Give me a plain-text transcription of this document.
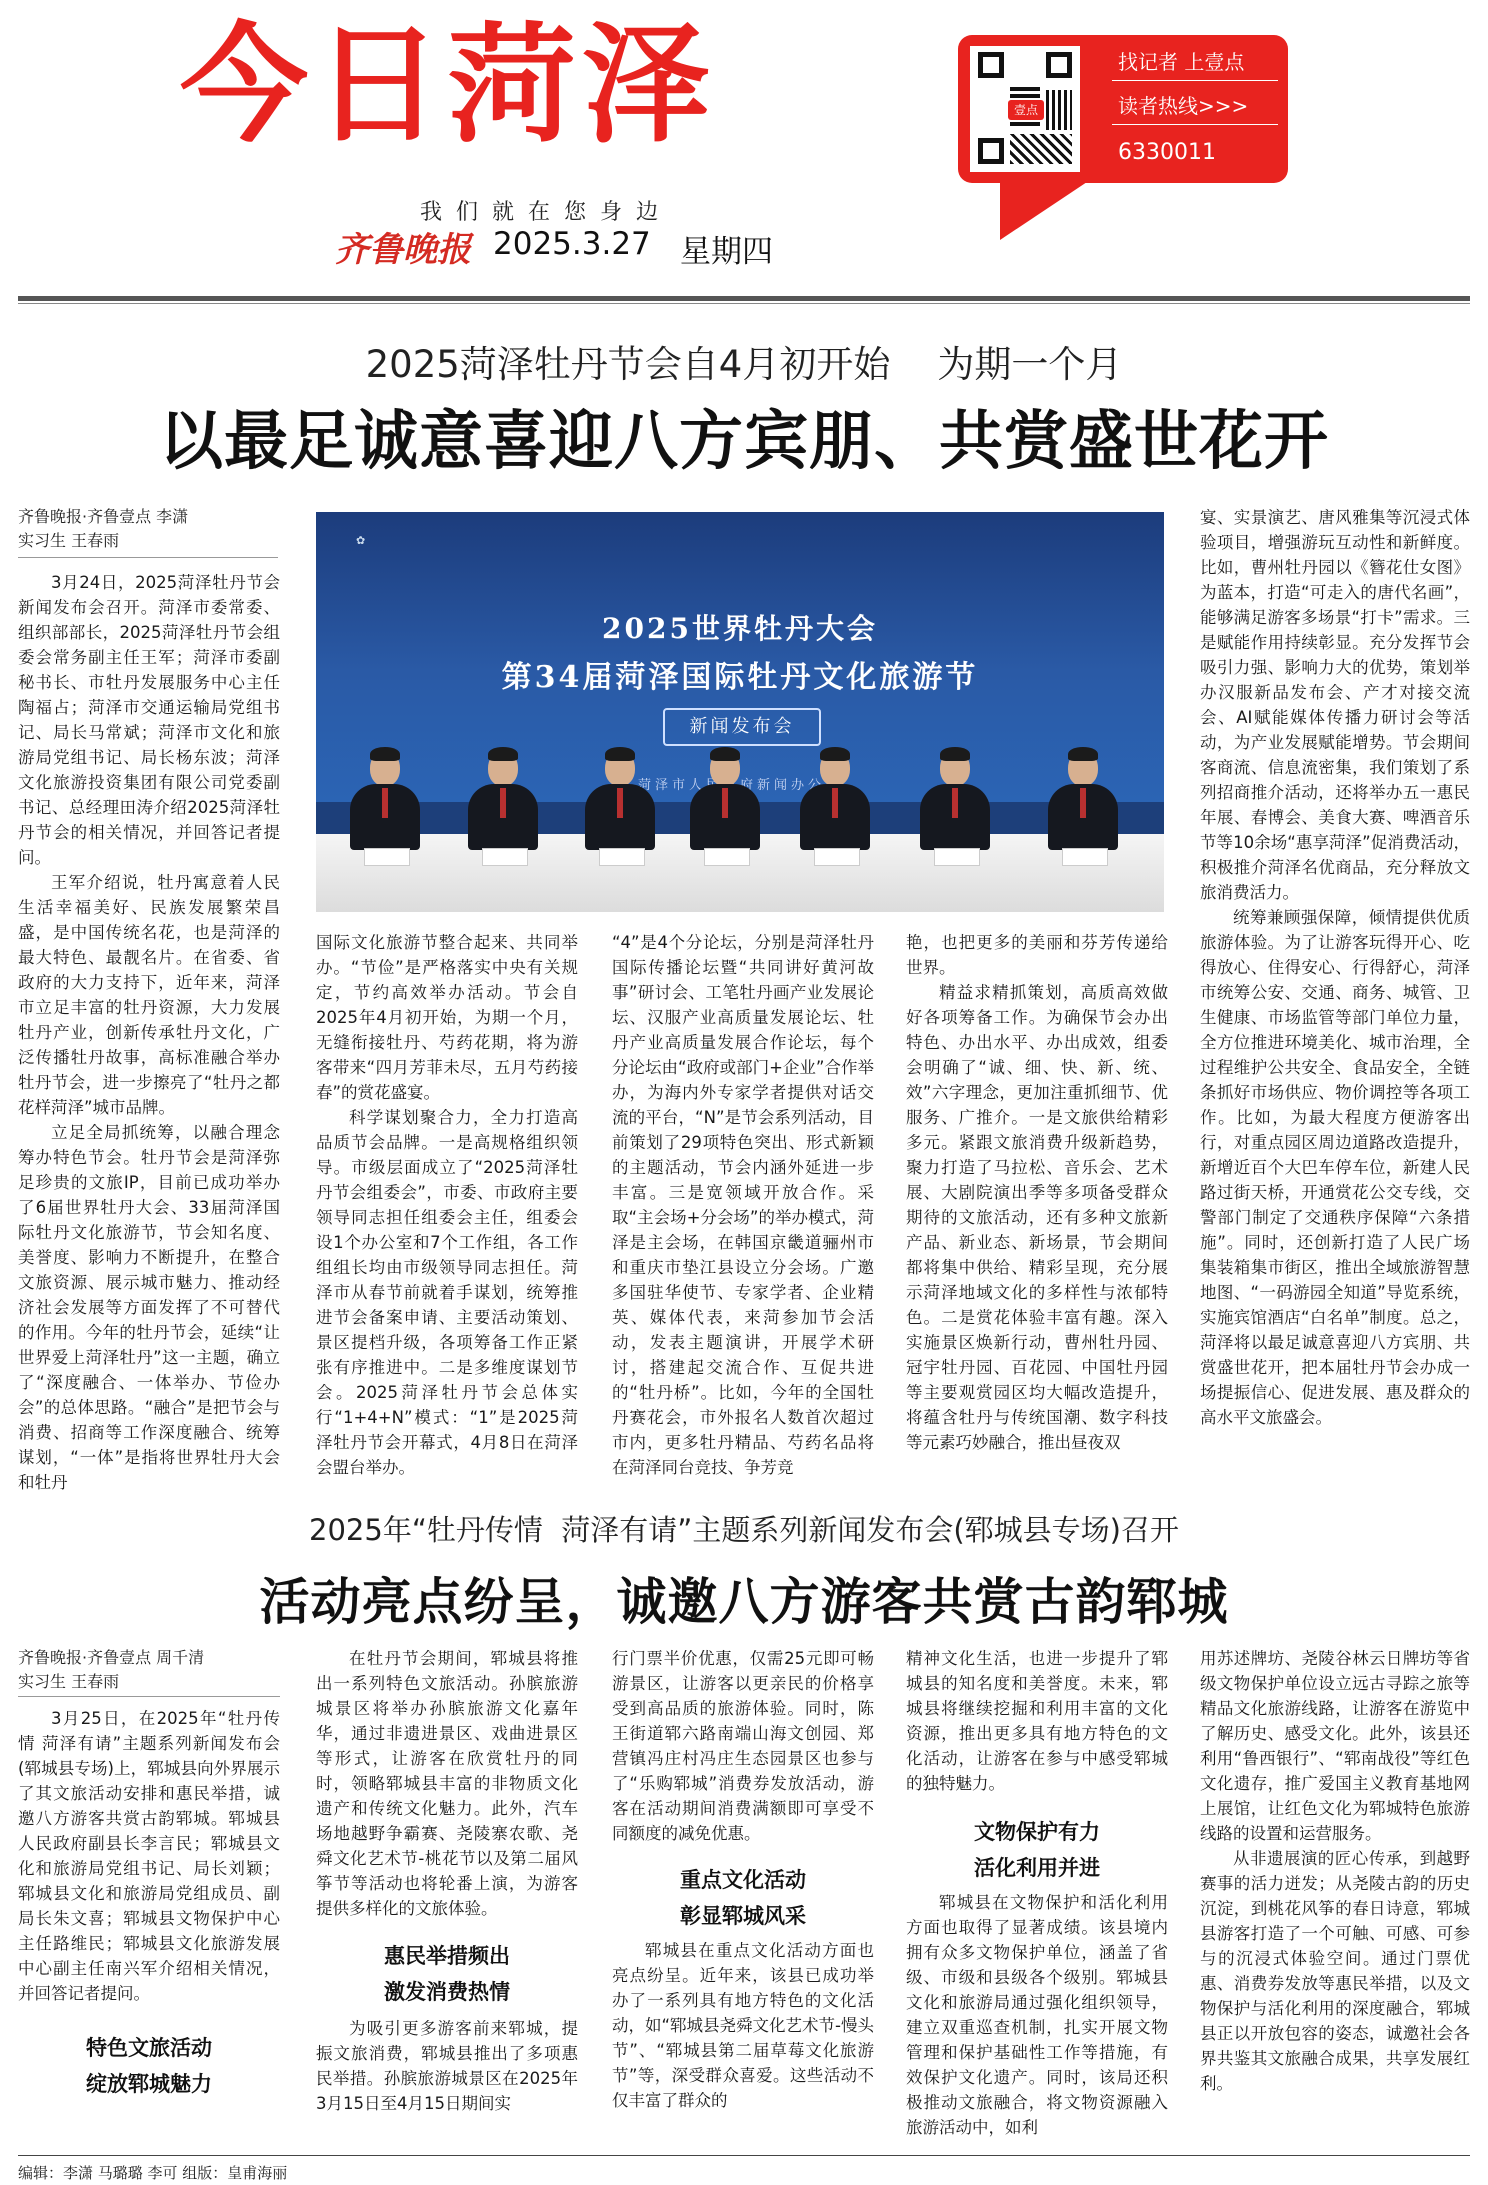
今日菏泽	壹点
找记者 上壹点
读者热线>>>
6330011
我们就在您身边
齐鲁晚报 2025.3.27 星期四
2025菏泽牡丹节会自4月初开始    为期一个月
以最足诚意喜迎八方宾朋、共赏盛世花开
齐鲁晚报·齐鲁壹点 李潇
实习生 王春雨	✿
2025世界牡丹大会
第34届菏泽国际牡丹文化旅游节
新闻发布会

3月24日，2025菏泽牡丹节会新闻发布会召开。菏泽市委常委、组织部部长，2025菏泽牡丹节会组委会常务副主任王军；菏泽市委副秘书长、市牡丹发展服务中心主任陶福占；菏泽市交通运输局党组书记、局长马常斌；菏泽市文化和旅游局党组书记、局长杨东波；菏泽文化旅游投资集团有限公司党委副书记、总经理田涛介绍2025菏泽牡丹节会的相关情况，并回答记者提问。

王军介绍说，牡丹寓意着人民生活幸福美好、民族发展繁荣昌盛，是中国传统名花，也是菏泽的最大特色、最靓名片。在省委、省政府的大力支持下，近年来，菏泽市立足丰富的牡丹资源，大力发展牡丹产业，创新传承牡丹文化，广泛传播牡丹故事，高标准融合举办牡丹节会，进一步擦亮了“牡丹之都 花样菏泽”城市品牌。

立足全局抓统筹，以融合理念筹办特色节会。牡丹节会是菏泽弥足珍贵的文旅IP，目前已成功举办了6届世界牡丹大会、33届菏泽国际牡丹文化旅游节，节会知名度、美誉度、影响力不断提升，在整合文旅资源、展示城市魅力、推动经济社会发展等方面发挥了不可替代的作用。今年的牡丹节会，延续“让世界爱上菏泽牡丹”这一主题，确立了“深度融合、一体举办、节俭办会”的总体思路。“融合”是把节会与消费、招商等工作深度融合、统筹谋划，“一体”是指将世界牡丹大会和牡丹

国际文化旅游节整合起来、共同举办。“节俭”是严格落实中央有关规定，节约高效举办活动。节会自2025年4月初开始，为期一个月，无缝衔接牡丹、芍药花期，将为游客带来“四月芳菲未尽，五月芍药接春”的赏花盛宴。

科学谋划聚合力，全力打造高品质节会品牌。一是高规格组织领导。市级层面成立了“2025菏泽牡丹节会组委会”，市委、市政府主要领导同志担任组委会主任，组委会设1个办公室和7个工作组，各工作组组长均由市级领导同志担任。菏泽市从春节前就着手谋划，统筹推进节会备案申请、主要活动策划、景区提档升级，各项筹备工作正紧张有序推进中。二是多维度谋划节会。2025菏泽牡丹节会总体实行“1+4+N”模式：“1”是2025菏泽牡丹节会开幕式，4月8日在菏泽会盟台举办。

“4”是4个分论坛，分别是菏泽牡丹国际传播论坛暨“共同讲好黄河故事”研讨会、工笔牡丹画产业发展论坛、汉服产业高质量发展论坛、牡丹产业高质量发展合作论坛，每个分论坛由“政府或部门+企业”合作举办，为海内外专家学者提供对话交流的平台，“N”是节会系列活动，目前策划了29项特色突出、形式新颖的主题活动，节会内涵外延进一步丰富。三是宽领域开放合作。采取“主会场+分会场”的举办模式，菏泽是主会场，在韩国京畿道骊州市和重庆市垫江县设立分会场。广邀多国驻华使节、专家学者、企业精英、媒体代表，来菏参加节会活动，发表主题演讲，开展学术研讨，搭建起交流合作、互促共进的“牡丹桥”。比如，今年的全国牡丹赛花会，市外报名人数首次超过市内，更多牡丹精品、芍药名品将在菏泽同台竞技、争芳竞

艳，也把更多的美丽和芬芳传递给世界。

精益求精抓策划，高质高效做好各项筹备工作。为确保节会办出特色、办出水平、办出成效，组委会明确了“诚、细、快、新、统、效”六字理念，更加注重抓细节、优服务、广推介。一是文旅供给精彩多元。紧跟文旅消费升级新趋势，聚力打造了马拉松、音乐会、艺术展、大剧院演出季等多项备受群众期待的文旅活动，还有多种文旅新产品、新业态、新场景，节会期间都将集中供给、精彩呈现，充分展示菏泽地域文化的多样性与浓郁特色。二是赏花体验丰富有趣。深入实施景区焕新行动，曹州牡丹园、冠宇牡丹园、百花园、中国牡丹园等主要观赏园区均大幅改造提升，将蕴含牡丹与传统国潮、数字科技等元素巧妙融合，推出昼夜双

宴、实景演艺、唐风雅集等沉浸式体验项目，增强游玩互动性和新鲜度。比如，曹州牡丹园以《簪花仕女图》为蓝本，打造“可走入的唐代名画”，能够满足游客多场景“打卡”需求。三是赋能作用持续彰显。充分发挥节会吸引力强、影响力大的优势，策划举办汉服新品发布会、产才对接交流会、AI赋能媒体传播力研讨会等活动，为产业发展赋能增势。节会期间客商流、信息流密集，我们策划了系列招商推介活动，还将举办五一惠民年展、春博会、美食大赛、啤酒音乐节等10余场“惠享菏泽”促消费活动，积极推介菏泽名优商品，充分释放文旅消费活力。

统筹兼顾强保障，倾情提供优质旅游体验。为了让游客玩得开心、吃得放心、住得安心、行得舒心，菏泽市统筹公安、交通、商务、城管、卫生健康、市场监管等部门单位力量，全方位推进环境美化、城市治理，全过程维护公共安全、食品安全，全链条抓好市场供应、物价调控等各项工作。比如，为最大程度方便游客出行，对重点园区周边道路改造提升，新增近百个大巴车停车位，新建人民路过街天桥，开通赏花公交专线，交警部门制定了交通秩序保障“六条措施”。同时，还创新打造了人民广场集装箱集市街区，推出全域旅游智慧地图、“一码游园全知道”导览系统，实施宾馆酒店“白名单”制度。总之，菏泽将以最足诚意喜迎八方宾朋、共赏盛世花开，把本届牡丹节会办成一场提振信心、促进发展、惠及群众的高水平文旅盛会。

2025年“牡丹传情  菏泽有请”主题系列新闻发布会(郓城县专场)召开
活动亮点纷呈，诚邀八方游客共赏古韵郓城
齐鲁晚报·齐鲁壹点 周千清
实习生 王春雨

3月25日，在2025年“牡丹传情 菏泽有请”主题系列新闻发布会(郓城县专场)上，郓城县向外界展示了其文旅活动安排和惠民举措，诚邀八方游客共赏古韵郓城。郓城县人民政府副县长李言民；郓城县文化和旅游局党组书记、局长刘颖；郓城县文化和旅游局党组成员、副局长朱文喜；郓城县文物保护中心主任路维民；郓城县文化旅游发展中心副主任南兴军介绍相关情况，并回答记者提问。

特色文旅活动
绽放郓城魅力

在牡丹节会期间，郓城县将推出一系列特色文旅活动。孙膑旅游城景区将举办孙膑旅游文化嘉年华，通过非遗进景区、戏曲进景区等形式，让游客在欣赏牡丹的同时，领略郓城县丰富的非物质文化遗产和传统文化魅力。此外，汽车场地越野争霸赛、尧陵寨农歌、尧舜文化艺术节-桃花节以及第二届风筝节等活动也将轮番上演，为游客提供多样化的文旅体验。

惠民举措频出
激发消费热情

为吸引更多游客前来郓城，提振文旅消费，郓城县推出了多项惠民举措。孙膑旅游城景区在2025年3月15日至4月15日期间实

行门票半价优惠，仅需25元即可畅游景区，让游客以更亲民的价格享受到高品质的旅游体验。同时，陈王街道郓六路南端山海文创园、郑营镇冯庄村冯庄生态园景区也参与了“乐购郓城”消费券发放活动，游客在活动期间消费满额即可享受不同额度的减免优惠。

重点文化活动
彰显郓城风采

郓城县在重点文化活动方面也亮点纷呈。近年来，该县已成功举办了一系列具有地方特色的文化活动，如“郓城县尧舜文化艺术节-慢头节”、“郓城县第二届草莓文化旅游节”等，深受群众喜爱。这些活动不仅丰富了群众的

精神文化生活，也进一步提升了郓城县的知名度和美誉度。未来，郓城县将继续挖掘和利用丰富的文化资源，推出更多具有地方特色的文化活动，让游客在参与中感受郓城的独特魅力。

文物保护有力
活化利用并进

郓城县在文物保护和活化利用方面也取得了显著成绩。该县境内拥有众多文物保护单位，涵盖了省级、市级和县级各个级别。郓城县文化和旅游局通过强化组织领导，建立双重巡查机制，扎实开展文物管理和保护基础性工作等措施，有效保护文化遗产。同时，该局还积极推动文旅融合，将文物资源融入旅游活动中，如利

用苏述牌坊、尧陵谷林云日牌坊等省级文物保护单位设立远古寻踪之旅等精品文化旅游线路，让游客在游览中了解历史、感受文化。此外，该县还利用“鲁西银行”、“郓南战役”等红色文化遗存，推广爱国主义教育基地网上展馆，让红色文化为郓城特色旅游线路的设置和运营服务。

从非遗展演的匠心传承，到越野赛事的活力迸发；从尧陵古韵的历史沉淀，到桃花风筝的春日诗意，郓城县游客打造了一个可触、可感、可参与的沉浸式体验空间。通过门票优惠、消费券发放等惠民举措，以及文物保护与活化利用的深度融合，郓城县正以开放包容的姿态，诚邀社会各界共鉴其文旅融合成果，共享发展红利。

编辑：李潇 马璐璐 李可 组版：皇甫海丽
